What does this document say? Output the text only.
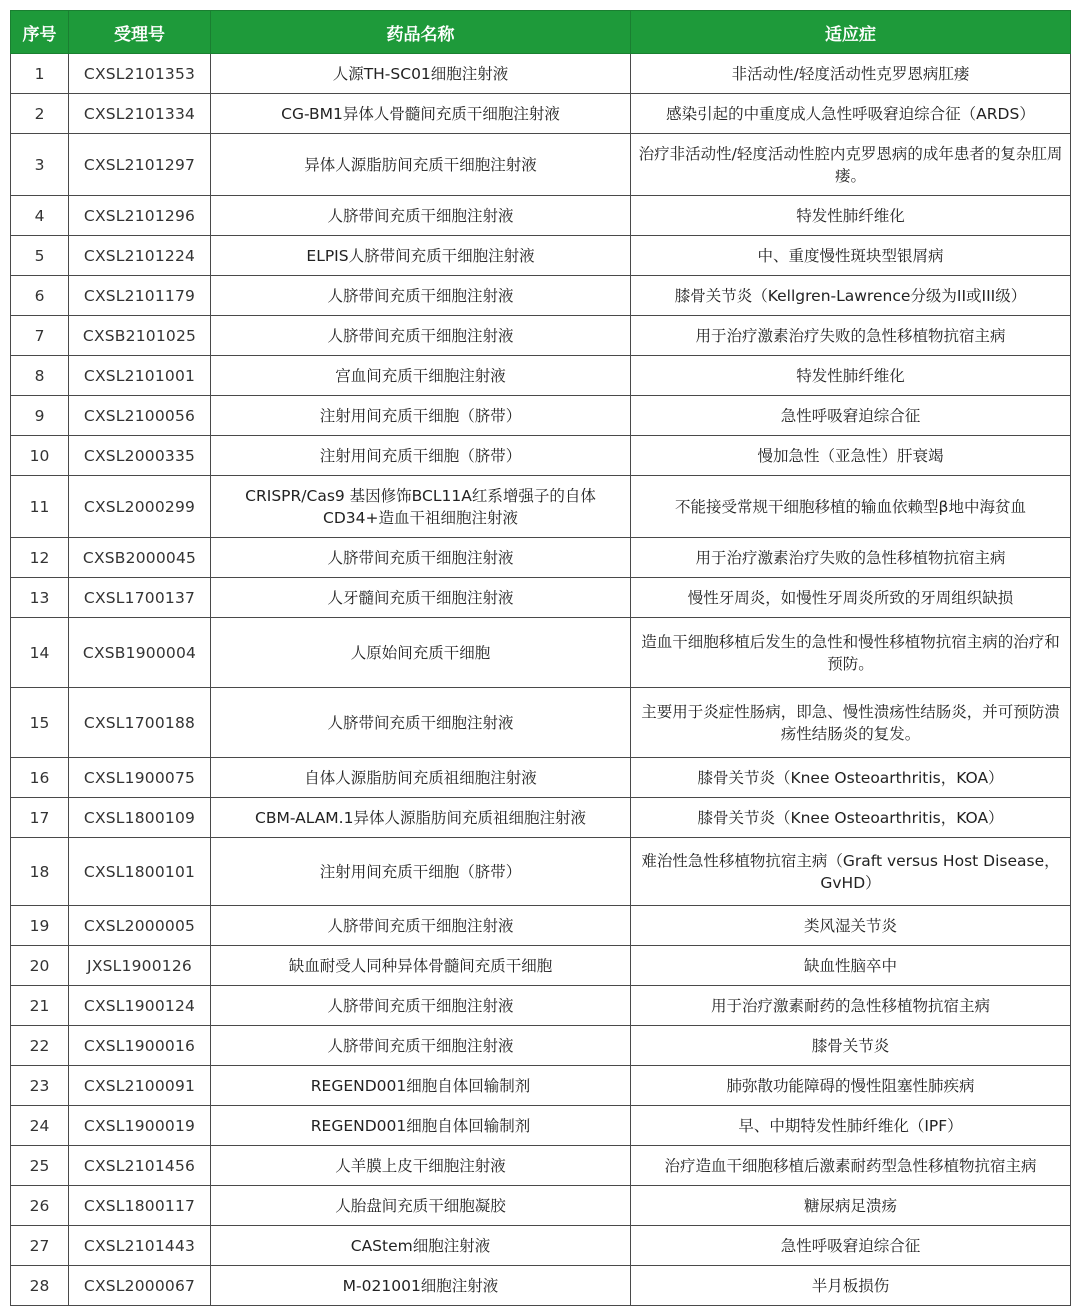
序号	受理号	药品名称	适应症
1	CXSL2101353	人源TH-SC01细胞注射液	非活动性/轻度活动性克罗恩病肛瘘
2	CXSL2101334	CG-BM1异体人骨髓间充质干细胞注射液	感染引起的中重度成人急性呼吸窘迫综合征（ARDS）
3	CXSL2101297	异体人源脂肪间充质干细胞注射液	治疗非活动性/轻度活动性腔内克罗恩病的成年患者的复杂肛周瘘。
4	CXSL2101296	人脐带间充质干细胞注射液	特发性肺纤维化
5	CXSL2101224	ELPIS人脐带间充质干细胞注射液	中、重度慢性斑块型银屑病
6	CXSL2101179	人脐带间充质干细胞注射液	膝骨关节炎（Kellgren-Lawrence分级为II或III级）
7	CXSB2101025	人脐带间充质干细胞注射液	用于治疗激素治疗失败的急性移植物抗宿主病
8	CXSL2101001	宫血间充质干细胞注射液	特发性肺纤维化
9	CXSL2100056	注射用间充质干细胞（脐带）	急性呼吸窘迫综合征
10	CXSL2000335	注射用间充质干细胞（脐带）	慢加急性（亚急性）肝衰竭
11	CXSL2000299	CRISPR/Cas9 基因修饰BCL11A红系增强子的自体CD34+造血干祖细胞注射液	不能接受常规干细胞移植的输血依赖型β地中海贫血
12	CXSB2000045	人脐带间充质干细胞注射液	用于治疗激素治疗失败的急性移植物抗宿主病
13	CXSL1700137	人牙髓间充质干细胞注射液	慢性牙周炎，如慢性牙周炎所致的牙周组织缺损
14	CXSB1900004	人原始间充质干细胞	造血干细胞移植后发生的急性和慢性移植物抗宿主病的治疗和预防。
15	CXSL1700188	人脐带间充质干细胞注射液	主要用于炎症性肠病，即急、慢性溃疡性结肠炎，并可预防溃疡性结肠炎的复发。
16	CXSL1900075	自体人源脂肪间充质祖细胞注射液	膝骨关节炎（Knee Osteoarthritis，KOA）
17	CXSL1800109	CBM-ALAM.1异体人源脂肪间充质祖细胞注射液	膝骨关节炎（Knee Osteoarthritis，KOA）
18	CXSL1800101	注射用间充质干细胞（脐带）	难治性急性移植物抗宿主病（Graft versus Host Disease， GvHD）
19	CXSL2000005	人脐带间充质干细胞注射液	类风湿关节炎
20	JXSL1900126	缺血耐受人同种异体骨髓间充质干细胞	缺血性脑卒中
21	CXSL1900124	人脐带间充质干细胞注射液	用于治疗激素耐药的急性移植物抗宿主病
22	CXSL1900016	人脐带间充质干细胞注射液	膝骨关节炎
23	CXSL2100091	REGEND001细胞自体回输制剂	肺弥散功能障碍的慢性阻塞性肺疾病
24	CXSL1900019	REGEND001细胞自体回输制剂	早、中期特发性肺纤维化（IPF）
25	CXSL2101456	人羊膜上皮干细胞注射液	治疗造血干细胞移植后激素耐药型急性移植物抗宿主病
26	CXSL1800117	人胎盘间充质干细胞凝胶	糖尿病足溃疡
27	CXSL2101443	CAStem细胞注射液	急性呼吸窘迫综合征
28	CXSL2000067	M-021001细胞注射液	半月板损伤
